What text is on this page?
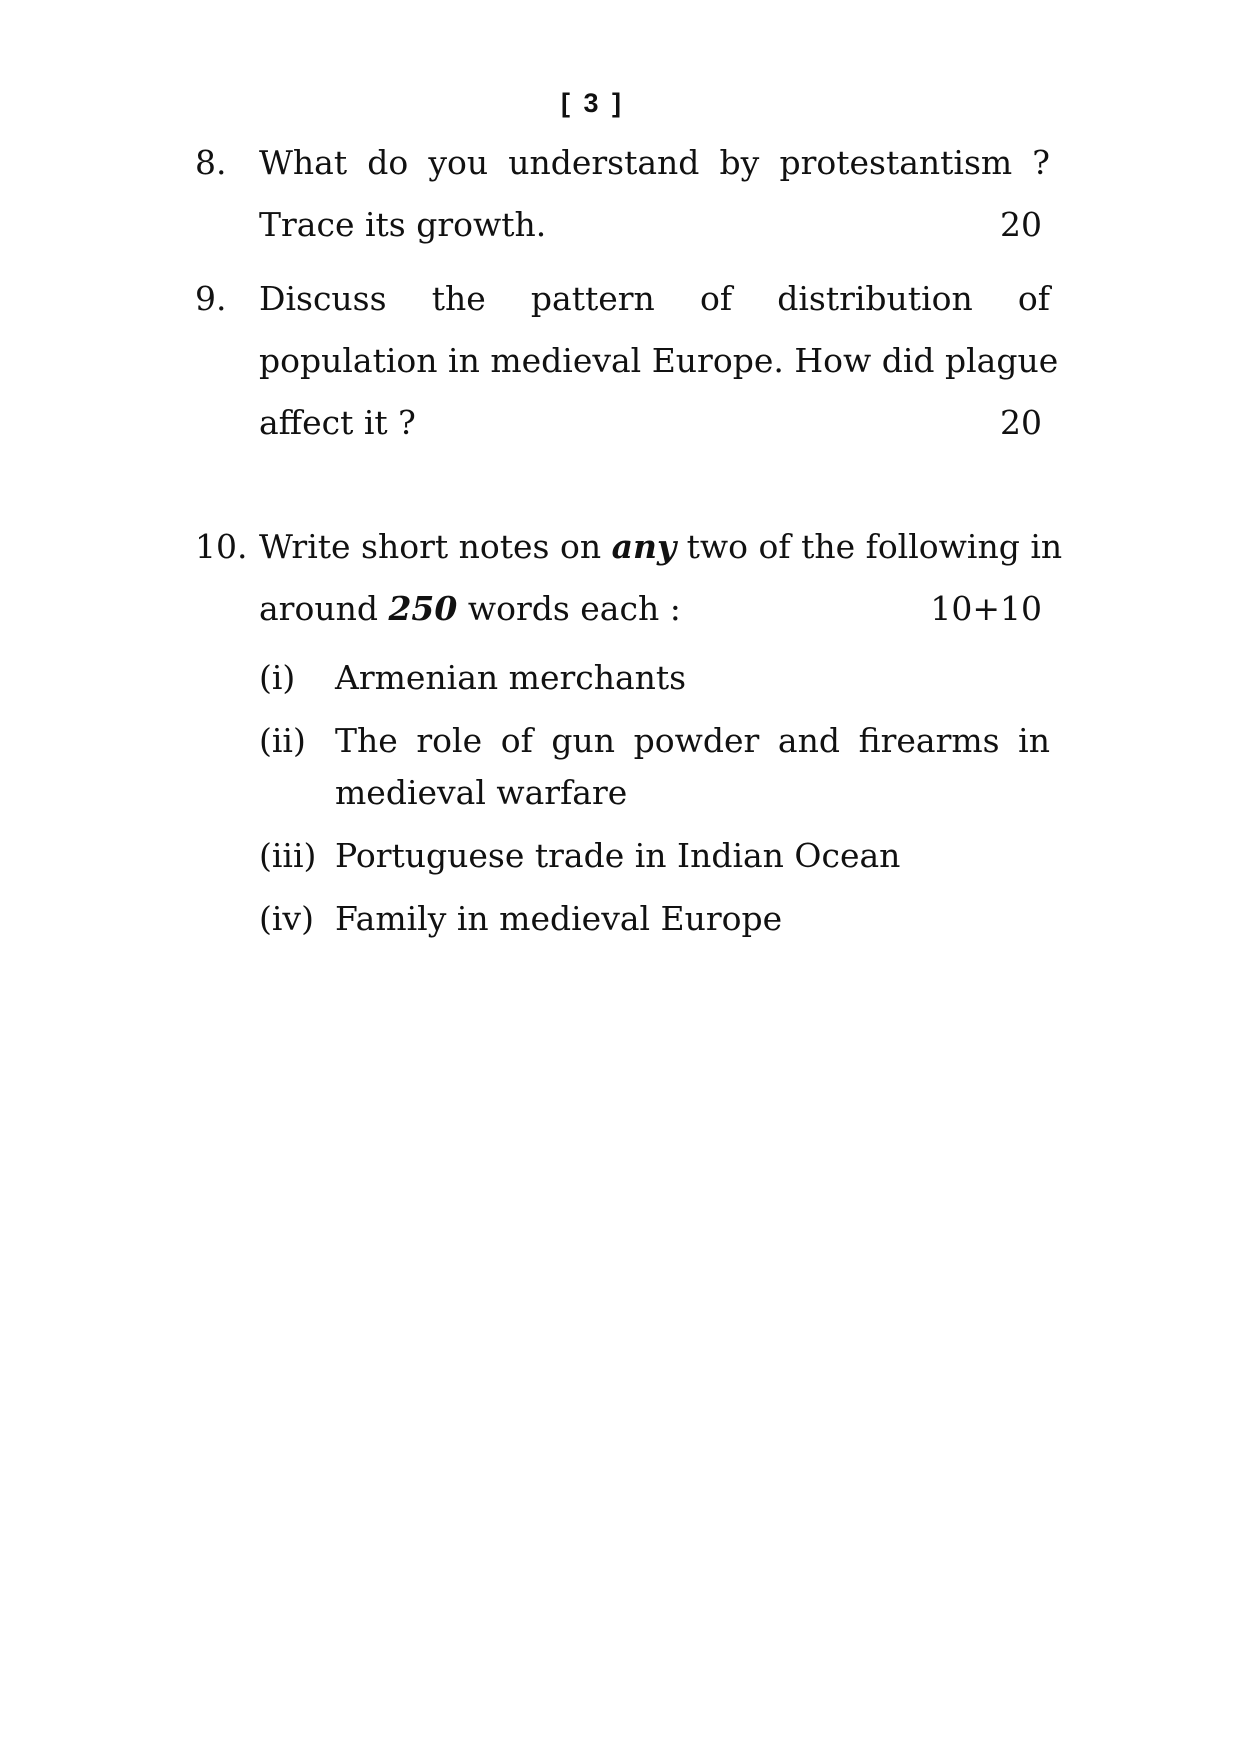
[ 3 ]
8. What do you understand by protestantism ?
Trace its growth.	20
9. Discuss the pattern of distribution of
population in medieval Europe. How did plague
affect it ?	20
10. Write short notes on any two of the following in
around 250 words each :	10+10
(i) Armenian merchants
(ii) The role of gun powder and firearms in
medieval warfare
(iii) Portuguese trade in Indian Ocean
(iv) Family in medieval Europe
